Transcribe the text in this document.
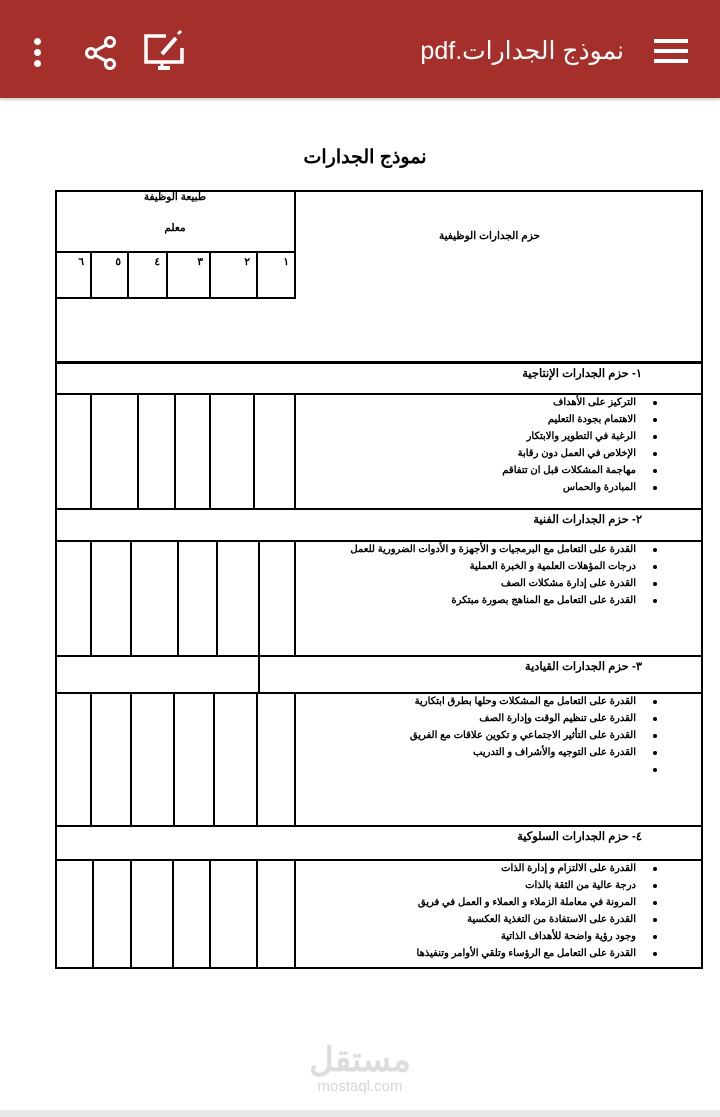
نموذج الجدارات.pdf
نموذج الجدارات
طبيعة الوظيفة
معلم
حزم الجدارات الوظيفية
١
٢
٣
٤
٥
٦
١- حزم الجدارات الإنتاجية
التركيز على الأهداف
الاهتمام بجودة التعليم
الرغبة في التطوير والابتكار
الإخلاص في العمل دون رقابة
مهاجمة المشكلات قبل ان تتفاقم
المبادرة والحماس
٢- حزم الجدارات الفنية
القدرة على التعامل مع البرمجيات و الأجهزة و الأدوات الضرورية للعمل
درجات المؤهلات العلمية و الخبرة العملية
القدرة على إدارة مشكلات الصف
القدرة على التعامل مع المناهج بصورة مبتكرة
٣- حزم الجدارات القيادية
القدرة على التعامل مع المشكلات وحلها بطرق ابتكارية
القدرة على تنظيم الوقت وإدارة الصف
القدرة على التأثير الاجتماعي و تكوين علاقات مع الفريق
القدرة على التوجيه والأشراف و التدريب
٤- حزم الجدارات السلوكية
القدرة على الالتزام و إدارة الذات
درجة عالية من الثقة بالذات
المرونة في معاملة الزملاء و العملاء و العمل في فريق
القدرة على الاستفادة من التغذية العكسية
وجود رؤية واضحة للأهداف الذاتية
القدرة على التعامل مع الرؤساء وتلقي الأوامر وتنفيذها
مستقل
mostaql.com
